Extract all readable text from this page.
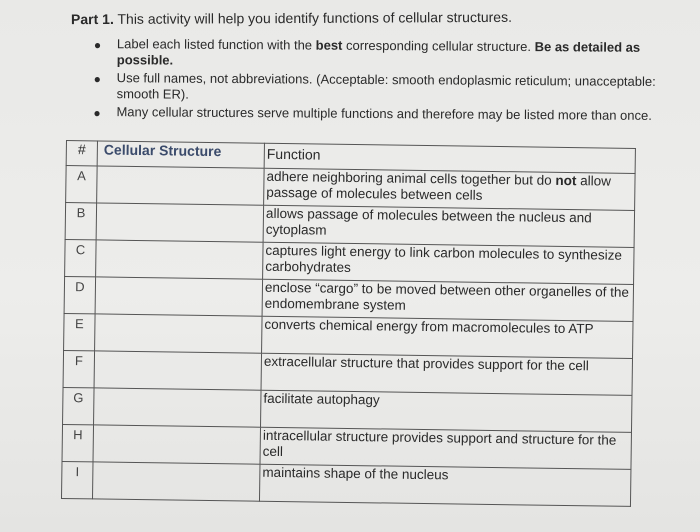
Part 1. This activity will help you identify functions of cellular structures.
● Label each listed function with the best corresponding cellular structure. Be as detailed as possible.
● Use full names, not abbreviations. (Acceptable: smooth endoplasmic reticulum; unacceptable: smooth ER).
● Many cellular structures serve multiple functions and therefore may be listed more than once.
#	Cellular Structure	Function
A		adhere neighboring animal cells together but do not allow passage of molecules between cells
B		allows passage of molecules between the nucleus and cytoplasm
C		captures light energy to link carbon molecules to synthesize carbohydrates
D		enclose “cargo” to be moved between other organelles of the endomembrane system
E		converts chemical energy from macromolecules to ATP
F		extracellular structure that provides support for the cell
G		facilitate autophagy
H		intracellular structure provides support and structure for the cell
I		maintains shape of the nucleus
